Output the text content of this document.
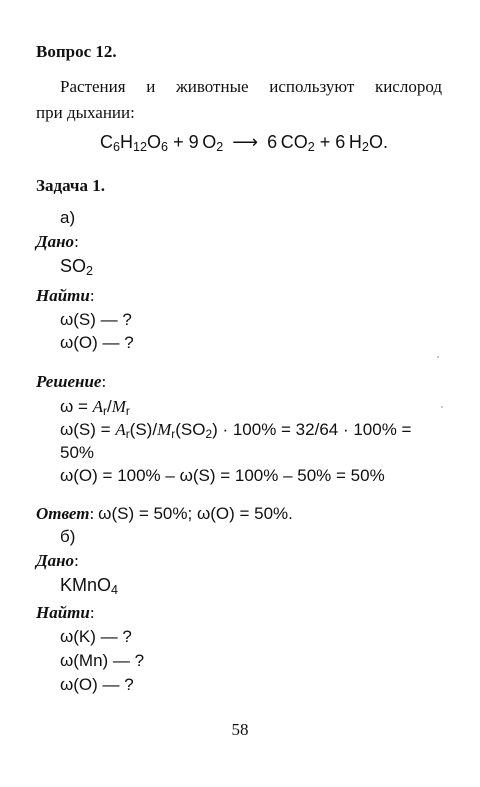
Вопрос 12.
Растения и животные используют кислород
при дыхании:
$C_6H_{12}O_6 + 9$  $O_2$ ⟶ 6  $CO_2 + 6$  $H_2O$.
Задача 1.
а)
Дано:
$SO_2$
Найти:
ω(S) — ?
ω(O) — ?
Решение:
$\omega = A_r/M_r$
$\omega(S) = A_r(S)/M_r(SO_2) \cdot 100\% = 32/64 \cdot 100\%$ =
50%
ω(O) = 100% – ω(S) = 100% – 50% = 50%
Ответ: ω(S) = 50%; ω(O) = 50%.
б)
Дано:
KMnO$_4$
Найти:
ω(K) — ?
ω(Mn) — ?
ω(O) — ?
58
